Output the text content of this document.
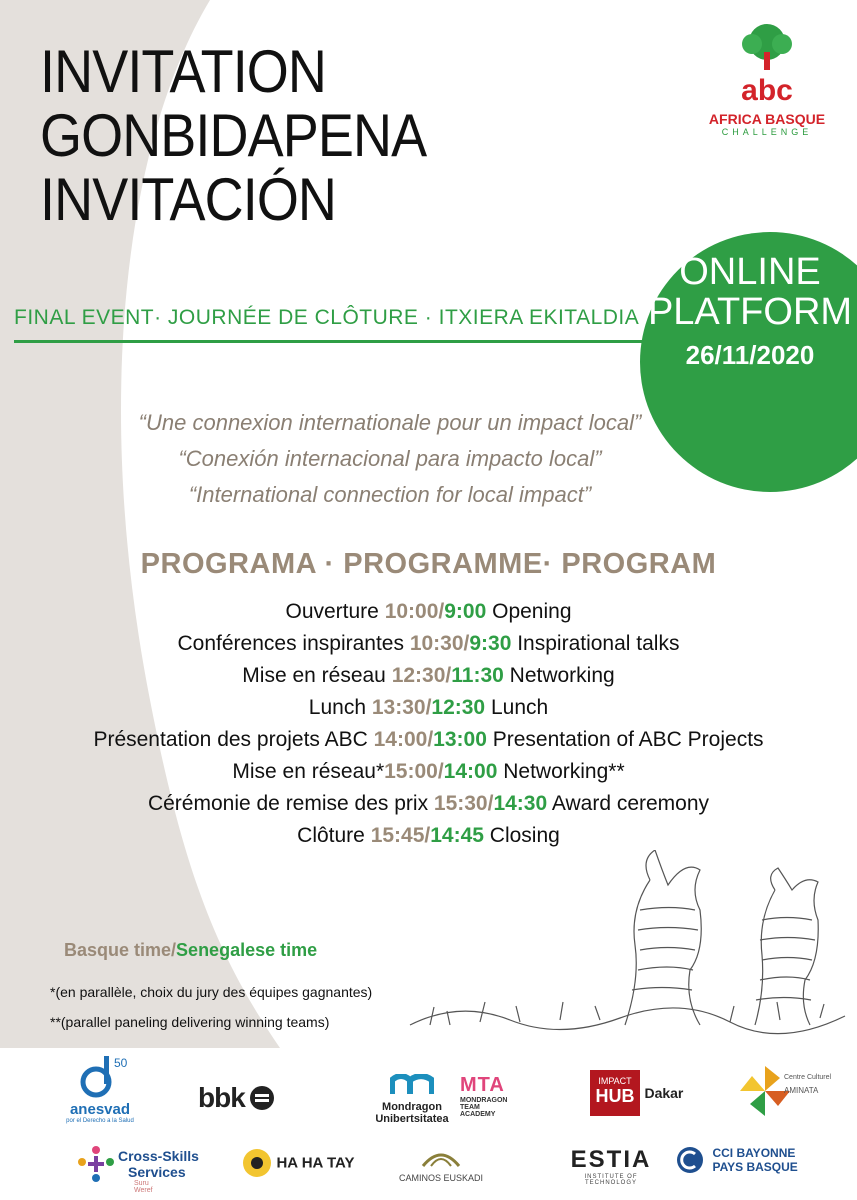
INVITATION
GONBIDAPENA
INVITACIÓN
abc
AFRICA BASQUE
CHALLENGE
ONLINE
PLATFORM
26/11/2020
FINAL EVENT· JOURNÉE DE CLÔTURE · ITXIERA EKITALDIA
“Une connexion internationale pour un impact local”
“Conexión internacional para impacto local”
“International connection for local impact”
PROGRAMA · PROGRAMME· PROGRAM
Ouverture 10:00/9:00 Opening
Conférences inspirantes 10:30/9:30 Inspirational talks
Mise en réseau 12:30/11:30 Networking
Lunch 13:30/12:30 Lunch
Présentation des projets ABC 14:00/13:00 Presentation of ABC Projects
Mise en réseau*15:00/14:00 Networking**
Cérémonie de remise des prix 15:30/14:30 Award ceremony
Clôture 15:45/14:45 Closing
Basque time/Senegalese time
*(en parallèle, choix du jury des équipes gagnantes)
**(parallel paneling delivering winning teams)
50
anesvad
por el Derecho a la Salud
bbk	Mondragon
Unibertsitatea
MTA
MONDRAGON
TEAM
ACADEMY
IMPACT
HUB Dakar
Centre Culturel
AMINATA
Cross-Skills
Services
Suru Weref
HA HA TAY
CAMINOS EUSKADI
ESTIA
INSTITUTE OF TECHNOLOGY

CCI BAYONNE
PAYS BASQUE
